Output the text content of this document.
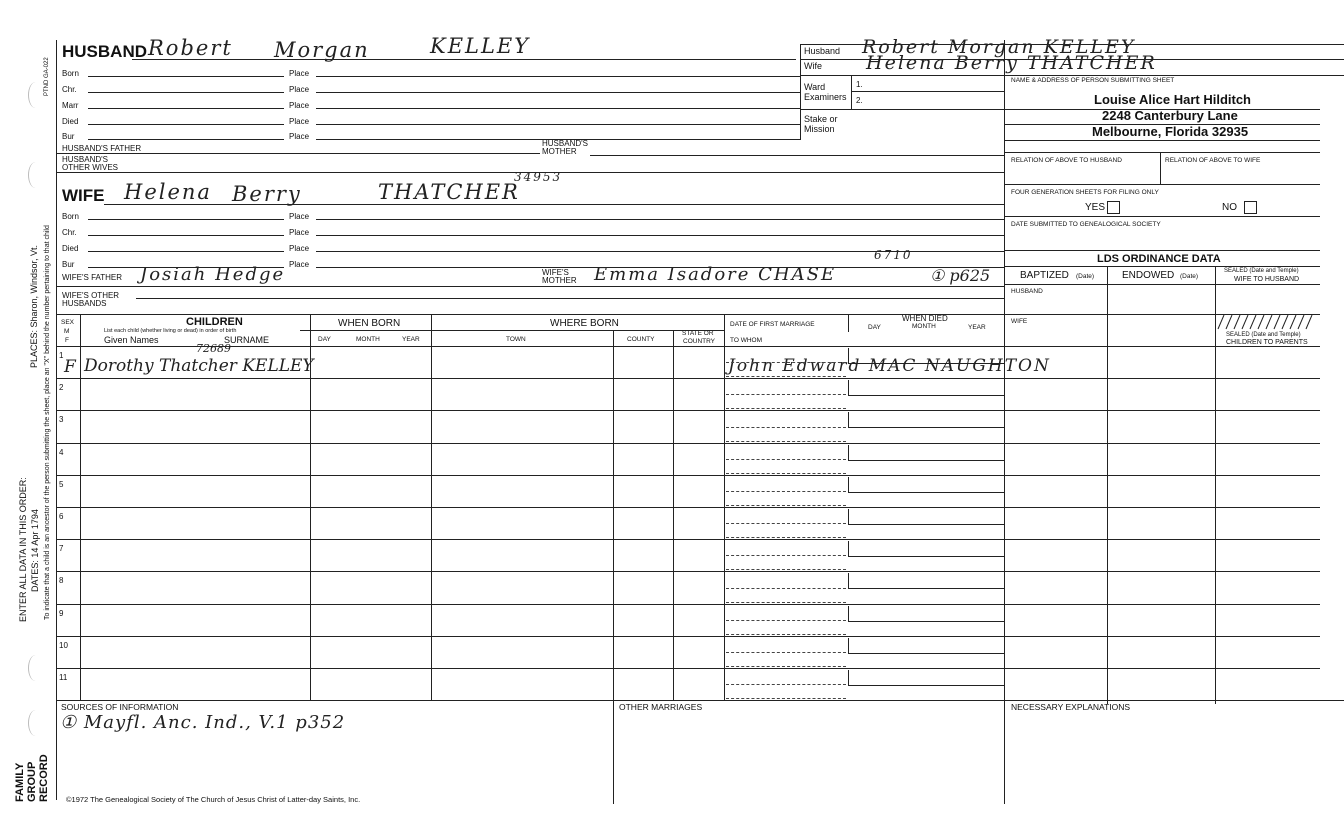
PTND GA-022
To indicate that a child is an ancestor of the person submitting the sheet, place an "X" behind the number pertaining to that child
PLACES: Sharon, Windsor, Vt.
ENTER ALL DATA IN THIS ORDER: DATES: 14 Apr 1794
FAMILY GROUP RECORD
HUSBAND Robert Morgan	KELLEY
Born	Place
Chr.	Place
Marr	Place
Died	Place
Bur	Place
HUSBAND'S FATHER
HUSBAND'S
MOTHER
HUSBAND'S
OTHER WIVES
Husband Robert Morgan KELLEY
Wife Helena Berry THATCHER
Ward
Examiners
1.
2.
Stake or
Mission
NAME & ADDRESS OF PERSON SUBMITTING SHEET
Louise Alice Hart Hilditch
2248 Canterbury Lane
Melbourne, Florida 32935
RELATION OF ABOVE TO HUSBAND	RELATION OF ABOVE TO WIFE
FOUR GENERATION SHEETS FOR FILING ONLY
YES	NO
DATE SUBMITTED TO GENEALOGICAL SOCIETY
LDS ORDINANCE DATA
BAPTIZED (Date)	ENDOWED (Date)
SEALED (Date and Temple)
WIFE TO HUSBAND
HUSBAND
WIFE
SEALED (Date and Temple)
CHILDREN TO PARENTS
WIFE Helena Berry	THATCHER
34953
Born	Place
Chr.	Place
Died	Place
Bur	Place
WIFE'S FATHER Josiah Hedge	WIFE'S
MOTHER Emma Isadore CHASE
6710
① p625
WIFE'S OTHER
HUSBANDS
SEX
M
F
CHILDREN
List each child (whether living or dead) in order of birth
Given Names	SURNAME
WHEN BORN
DAY	MONTH	YEAR
WHERE BORN
TOWN	COUNTY
STATE OR
COUNTRY
DATE OF FIRST MARRIAGE
TO WHOM
WHEN DIED
DAY	MONTH	YEAR
1
F Dorothy Thatcher KELLEY	John Edward MAC NAUGHTON
2
3
4
5
6
7
8
9
10
11
72689
SOURCES OF INFORMATION
① Mayfl. Anc. Ind., V.1 p352
OTHER MARRIAGES	NECESSARY EXPLANATIONS
©1972 The Genealogical Society of The Church of Jesus Christ of Latter-day Saints, Inc.
